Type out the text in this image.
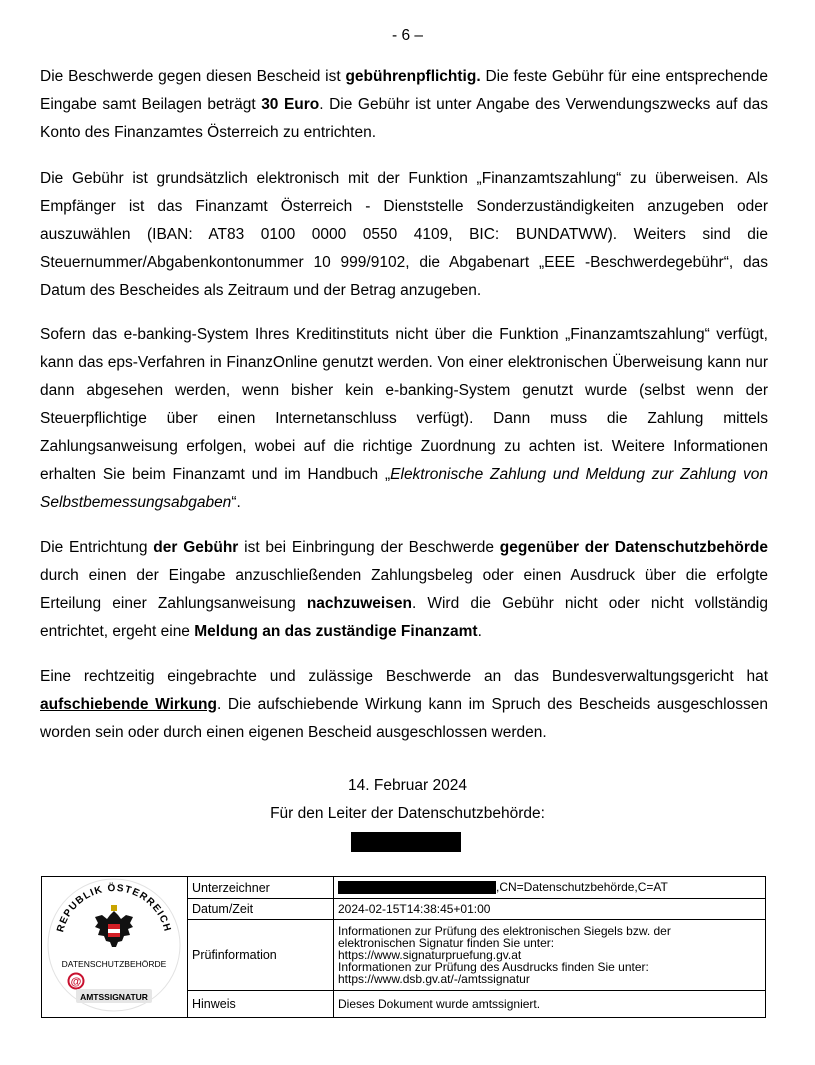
- 6 –

Die Beschwerde gegen diesen Bescheid ist gebührenpflichtig. Die feste Gebühr für eine entsprechende Eingabe samt Beilagen beträgt 30 Euro. Die Gebühr ist unter Angabe des Verwendungszwecks auf das Konto des Finanzamtes Österreich zu entrichten.

Die Gebühr ist grundsätzlich elektronisch mit der Funktion „Finanzamtszahlung“ zu überweisen. Als Empfänger ist das Finanzamt Österreich - Dienststelle Sonderzuständigkeiten anzugeben oder auszuwählen (IBAN: AT83 0100 0000 0550 4109, BIC: BUNDATWW). Weiters sind die Steuernummer/Abgabenkontonummer 10 999/9102, die Abgabenart „EEE -Beschwerdegebühr“, das Datum des Bescheides als Zeitraum und der Betrag anzugeben.

Sofern das e-banking-System Ihres Kreditinstituts nicht über die Funktion „Finanzamtszahlung“ verfügt, kann das eps-Verfahren in FinanzOnline genutzt werden. Von einer elektronischen Überweisung kann nur dann abgesehen werden, wenn bisher kein e-banking-System genutzt wurde (selbst wenn der Steuerpflichtige über einen Internetanschluss verfügt). Dann muss die Zahlung mittels Zahlungsanweisung erfolgen, wobei auf die richtige Zuordnung zu achten ist. Weitere Informationen erhalten Sie beim Finanzamt und im Handbuch „Elektronische Zahlung und Meldung zur Zahlung von Selbstbemessungsabgaben“.

Die Entrichtung der Gebühr ist bei Einbringung der Beschwerde gegenüber der Datenschutzbehörde durch einen der Eingabe anzuschließenden Zahlungsbeleg oder einen Ausdruck über die erfolgte Erteilung einer Zahlungsanweisung nachzuweisen. Wird die Gebühr nicht oder nicht vollständig entrichtet, ergeht eine Meldung an das zuständige Finanzamt.

Eine rechtzeitig eingebrachte und zulässige Beschwerde an das Bundesverwaltungsgericht hat aufschiebende Wirkung. Die aufschiebende Wirkung kann im Spruch des Bescheids ausgeschlossen worden sein oder durch einen eigenen Bescheid ausgeschlossen werden.

14. Februar 2024
Für den Leiter der Datenschutzbehörde:
REPUBLIK ÖSTERREICH
DATENSCHUTZBEHÖRDE
@
AMTSSIGNATUR	Unterzeichner	,CN=Datenschutzbehörde,C=AT
	Datum/Zeit	2024-02-15T14:38:45+01:00
	Prüfinformation	Informationen zur Prüfung des elektronischen Siegels bzw. der
elektronischen Signatur finden Sie unter:
https://www.signaturpruefung.gv.at
Informationen zur Prüfung des Ausdrucks finden Sie unter:
https://www.dsb.gv.at/-/amtssignatur

	Hinweis	Dieses Dokument wurde amtssigniert.
